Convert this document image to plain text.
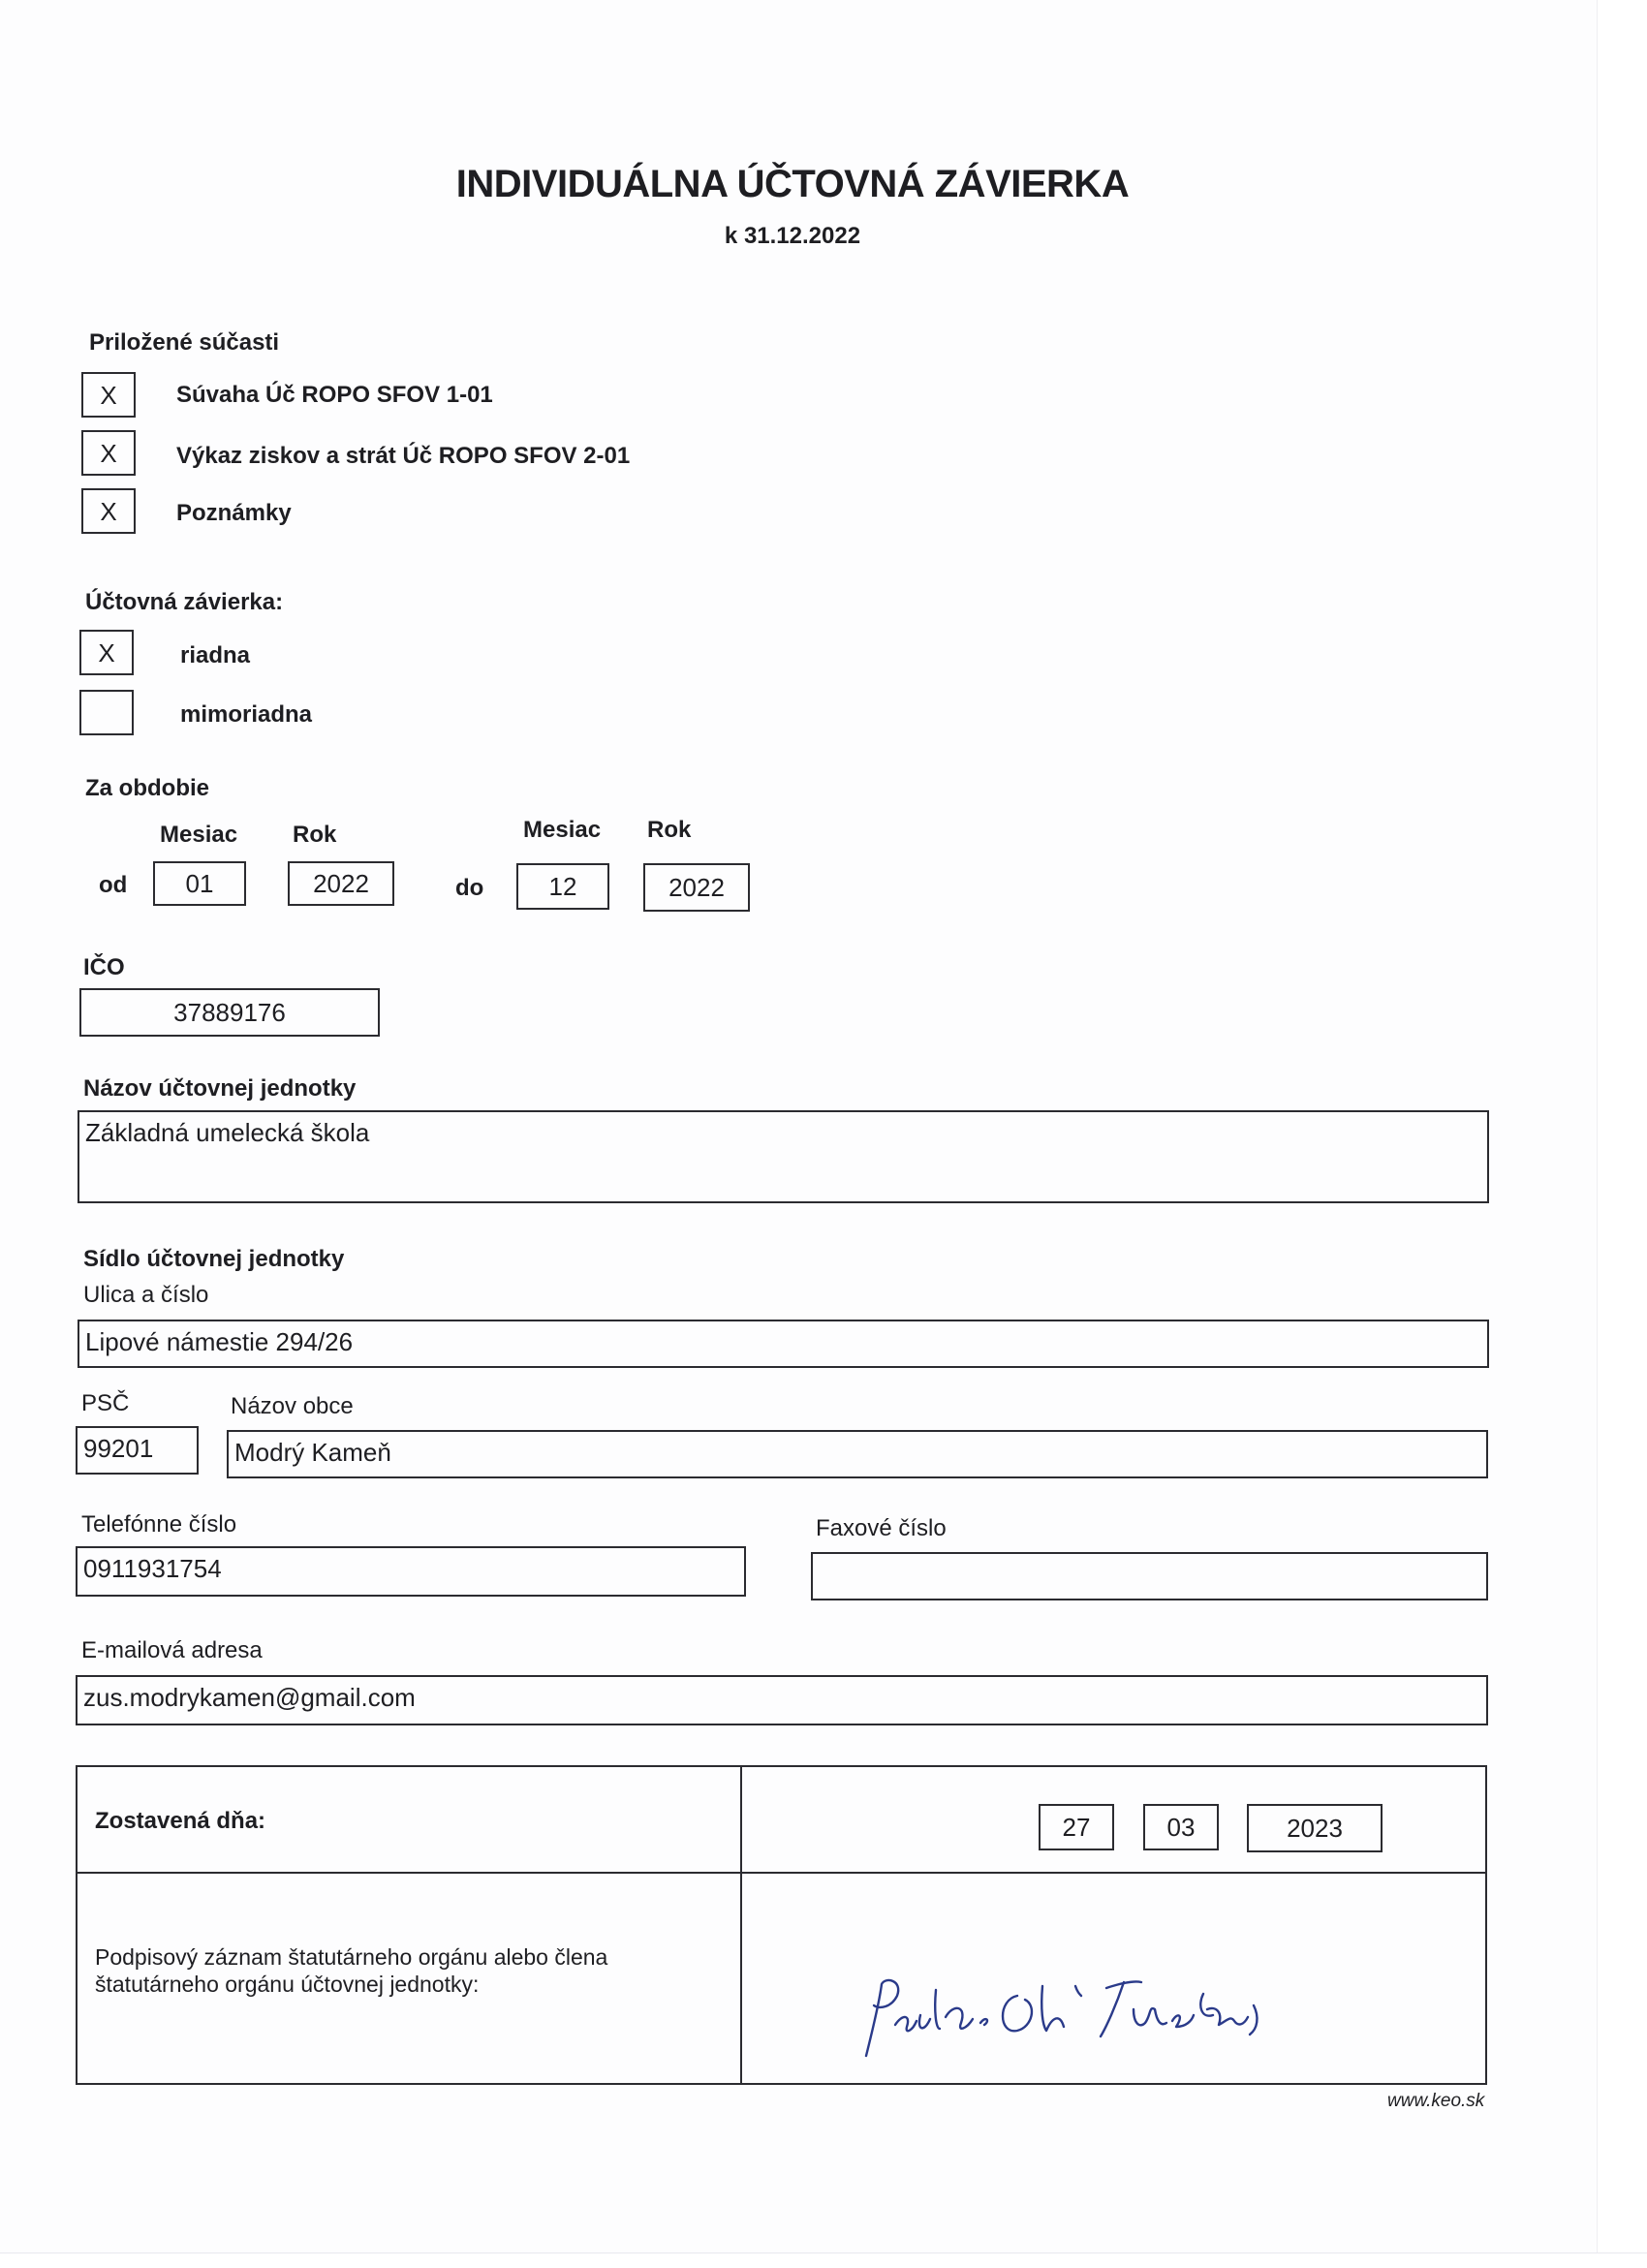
INDIVIDUÁLNA ÚČTOVNÁ ZÁVIERKA
k 31.12.2022
Priložené súčasti
X	Súvaha Úč ROPO SFOV 1-01
X	Výkaz ziskov a strát Úč ROPO SFOV 2-01
X	Poznámky
Účtovná závierka:
X	riadna
mimoriadna
Za obdobie
Mesiac Rok	Mesiac Rok
od	01	2022	do	12	2022
IČO
37889176
Názov účtovnej jednotky
Základná umelecká škola
Sídlo účtovnej jednotky
Ulica a číslo
Lipové námestie 294/26
PSČ	Názov obce
99201	Modrý Kameň
Telefónne číslo	Faxové číslo
0911931754
E-mailová adresa
zus.modrykamen@gmail.com
Zostavená dňa:	27	03	2023
Podpisový záznam štatutárneho orgánu alebo člena štatutárneho orgánu účtovnej jednotky:
www.keo.sk
